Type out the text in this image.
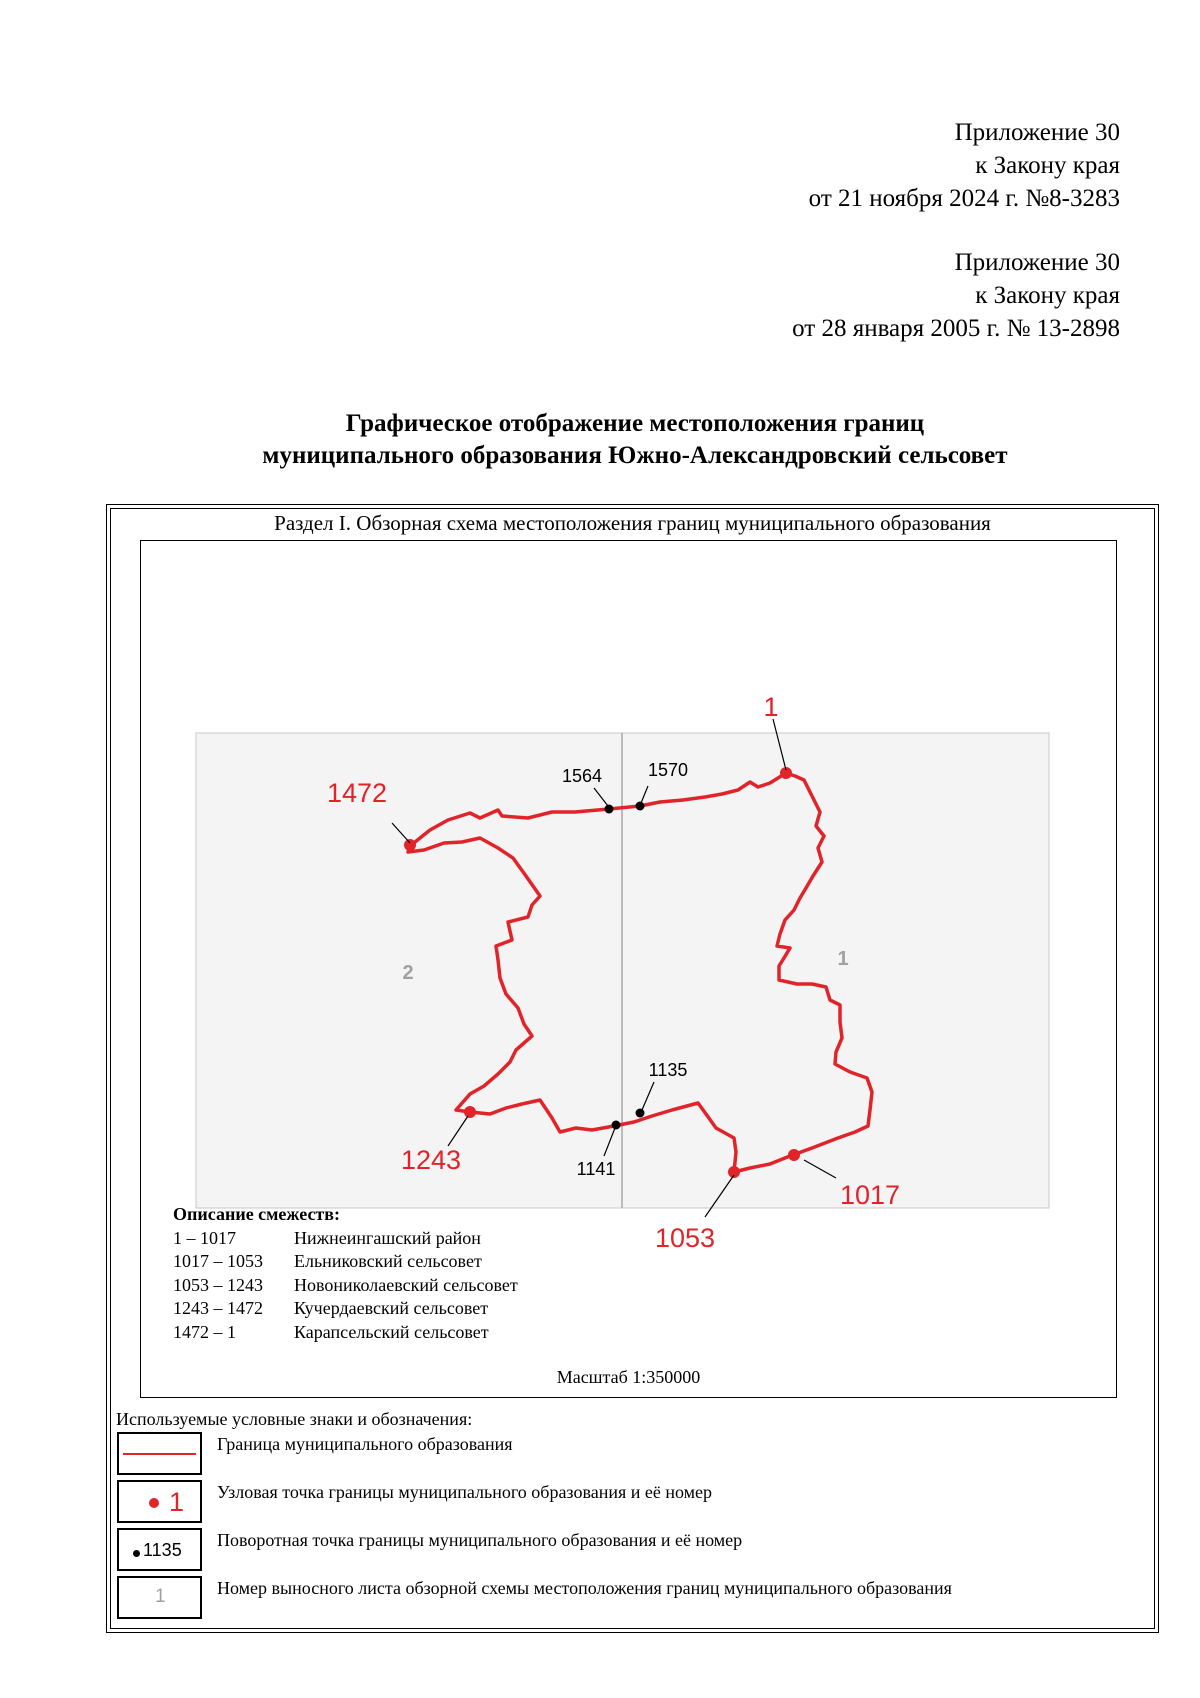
Приложение 30
к Закону края
от 21 ноября 2024 г. №8-3283
Приложение 30
к Закону края
от 28 января 2005 г. № 13-2898
Графическое отображение местоположения границ
муниципального образования Южно-Александровский сельсовет
Раздел I. Обзорная схема местоположения границ муниципального образования
2
1
1
1017
1053
1243
1472
1564	1570
1135
1141
Описание смежеств:
1 – 1017	Нижнеингашский район
1017 – 1053	Ельниковский сельсовет
1053 – 1243	Новониколаевский сельсовет
1243 – 1472	Кучердаевский сельсовет
1472 – 1	Карапсельский сельсовет
Масштаб 1:350000
Используемые условные знаки и обозначения:
Граница муниципального образования
1 Узловая точка границы муниципального образования и её номер
1135 Поворотная точка границы муниципального образования и её номер
1	Номер выносного листа обзорной схемы местоположения границ муниципального образования
